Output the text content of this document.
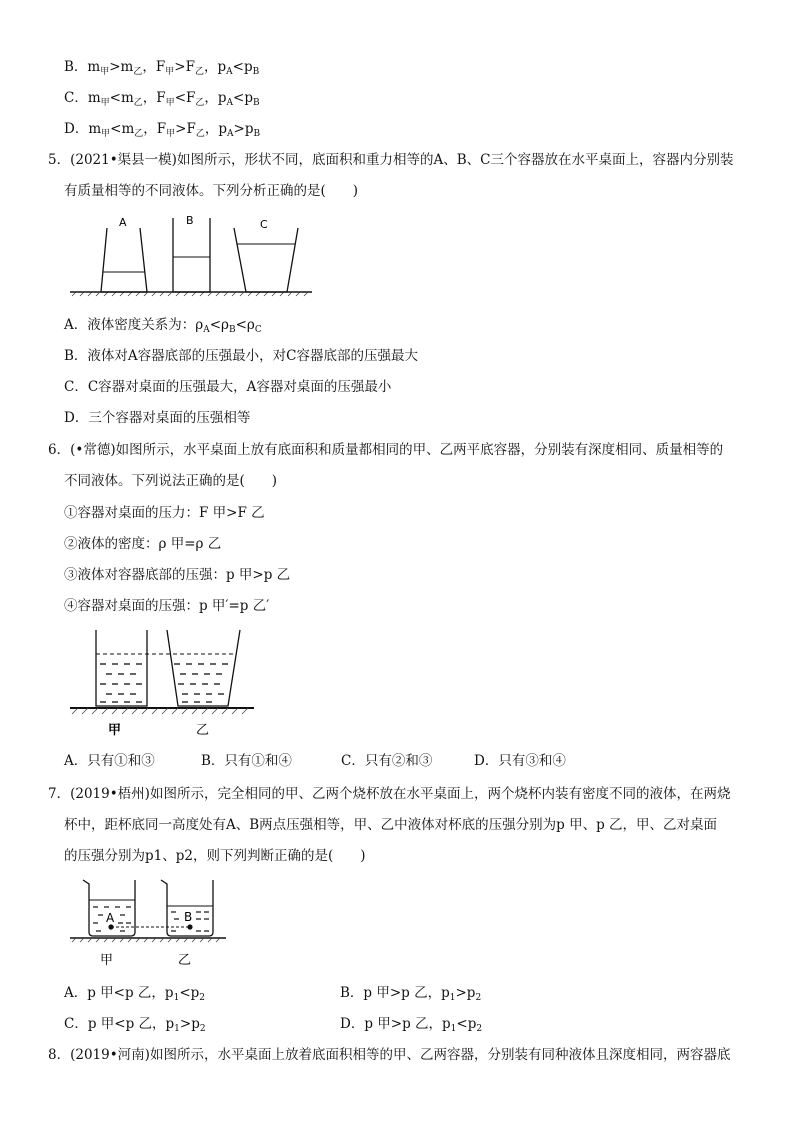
B．$m_甲>m_乙$，$F_甲>F_乙$，$p_A<p_B$
C．$m_甲<m_乙$，$F_甲<F_乙$，$p_A<p_B$
D．$m_甲<m_乙$，$F_甲>F_乙$，$p_A>p_B$
5．(2021•渠县一模)如图所示，形状不同，底面积和重力相等的A、B、C三个容器放在水平桌面上，容器内分别装
有质量相等的不同液体。下列分析正确的是(　　)
A	B	C
A．液体密度关系为：$\rho_A<\rho_B<\rho_C$
B．液体对A容器底部的压强最小，对C容器底部的压强最大
C．C容器对桌面的压强最大，A容器对桌面的压强最小
D．三个容器对桌面的压强相等
6．(•常德)如图所示，水平桌面上放有底面积和质量都相同的甲、乙两平底容器，分别装有深度相同、质量相等的
不同液体。下列说法正确的是(　　)
①容器对桌面的压力：F 甲>F 乙
②液体的密度：ρ 甲=ρ 乙
③液体对容器底部的压强：p 甲>p 乙
④容器对桌面的压强：p 甲′=p 乙′
甲	乙
A．只有①和③	B．只有①和④	C．只有②和③	D．只有③和④
7．(2019•梧州)如图所示，完全相同的甲、乙两个烧杯放在水平桌面上，两个烧杯内装有密度不同的液体，在两烧
杯中，距杯底同一高度处有A、B两点压强相等，甲、乙中液体对杯底的压强分别为p 甲、p 乙，甲、乙对桌面
的压强分别为p1、p2，则下列判断正确的是(　　)
A	B
甲	乙
A．p 甲<p 乙，$p_1<p_2$	B．p 甲>p 乙，$p_1>p_2$
C．p 甲<p 乙，$p_1>p_2$	D．p 甲>p 乙，$p_1<p_2$
8．(2019•河南)如图所示，水平桌面上放着底面积相等的甲、乙两容器，分别装有同种液体且深度相同，两容器底
